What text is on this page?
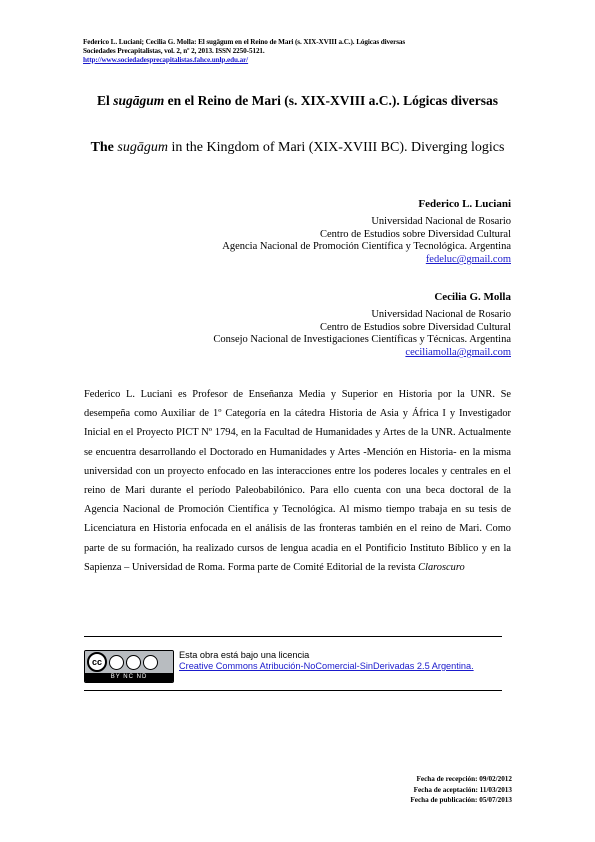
Federico L. Luciani; Cecilia G. Molla: El sugāgum en el Reino de Mari (s. XIX-XVIII a.C.). Lógicas diversas
Sociedades Precapitalistas, vol. 2, nº 2, 2013. ISSN 2250-5121.
http://www.sociedadesprecapitalistas.fahce.unlp.edu.ar/
El sugāgum en el Reino de Mari (s. XIX-XVIII a.C.). Lógicas diversas
The sugāgum in the Kingdom of Mari (XIX-XVIII BC). Diverging logics
Federico L. Luciani
Universidad Nacional de Rosario
Centro de Estudios sobre Diversidad Cultural
Agencia Nacional de Promoción Científica y Tecnológica. Argentina
fedeluc@gmail.com
Cecilia G. Molla
Universidad Nacional de Rosario
Centro de Estudios sobre Diversidad Cultural
Consejo Nacional de Investigaciones Científicas y Técnicas. Argentina
ceciliamolla@gmail.com
Federico L. Luciani es Profesor de Enseñanza Media y Superior en Historia por la UNR. Se desempeña como Auxiliar de 1º Categoría en la cátedra Historia de Asia y África I y Investigador Inicial en el Proyecto PICT Nº 1794, en la Facultad de Humanidades y Artes de la UNR. Actualmente se encuentra desarrollando el Doctorado en Humanidades y Artes -Mención en Historia- en la misma universidad con un proyecto enfocado en las interacciones entre los poderes locales y centrales en el reino de Mari durante el período Paleobabilónico. Para ello cuenta con una beca doctoral de la Agencia Nacional de Promoción Científica y Tecnológica. Al mismo tiempo trabaja en su tesis de Licenciatura en Historia enfocada en el análisis de las fronteras también en el reino de Mari. Como parte de su formación, ha realizado cursos de lengua acadia en el Pontificio Instituto Bíblico y en la Sapienza – Universidad de Roma. Forma parte de Comité Editorial de la revista Claroscuro
cc
BY NC ND
Esta obra está bajo una licencia
Creative Commons Atribución-NoComercial-SinDerivadas 2.5 Argentina.
Fecha de recepción: 09/02/2012
Fecha de aceptación: 11/03/2013
Fecha de publicación: 05/07/2013
